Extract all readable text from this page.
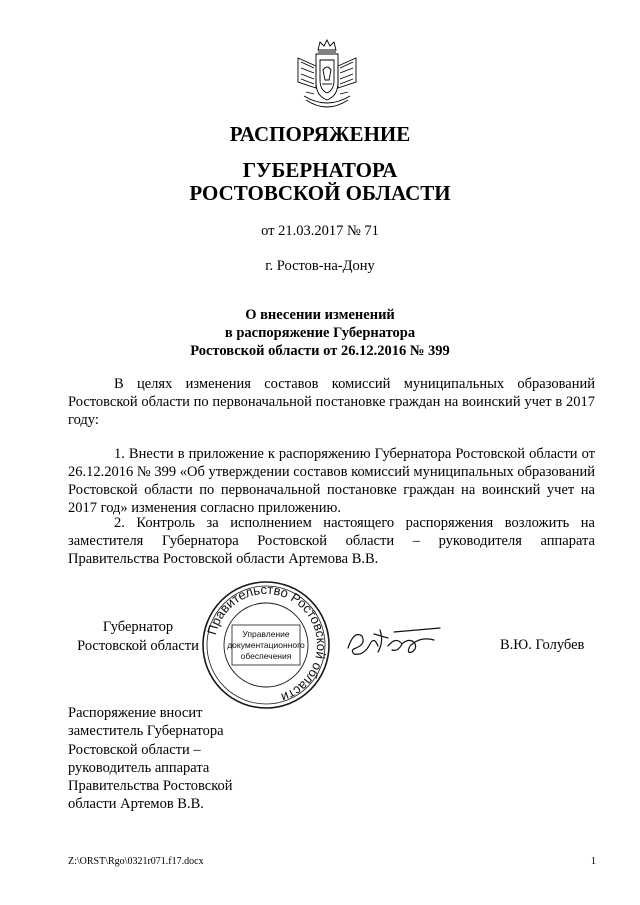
РАСПОРЯЖЕНИЕ
ГУБЕРНАТОРА
РОСТОВСКОЙ ОБЛАСТИ
от 21.03.2017 № 71
г. Ростов-на-Дону
О внесении изменений
в распоряжение Губернатора
Ростовской области от 26.12.2016 № 399

В целях изменения составов комиссий муниципальных образований Ростовской области по первоначальной постановке граждан на воинский учет в 2017 году:

1. Внести в приложение к распоряжению Губернатора Ростовской области от 26.12.2016 № 399 «Об утверждении составов комиссий муниципальных образований Ростовской области по первоначальной постановке граждан на воинский учет на 2017 год» изменения согласно приложению.

2. Контроль за исполнением настоящего распоряжения возложить на заместителя Губернатора Ростовской области – руководителя аппарата Правительства Ростовской области Артемова В.В.

Губернатор
Ростовской области
Правительство Ростовской области
Управление
документационного
обеспечения
В.Ю. Голубев
Распоряжение вносит
заместитель Губернатора
Ростовской области –
руководитель аппарата
Правительства Ростовской
области Артемов В.В.
Z:\ORST\Rgo\0321r071.f17.docx	1
